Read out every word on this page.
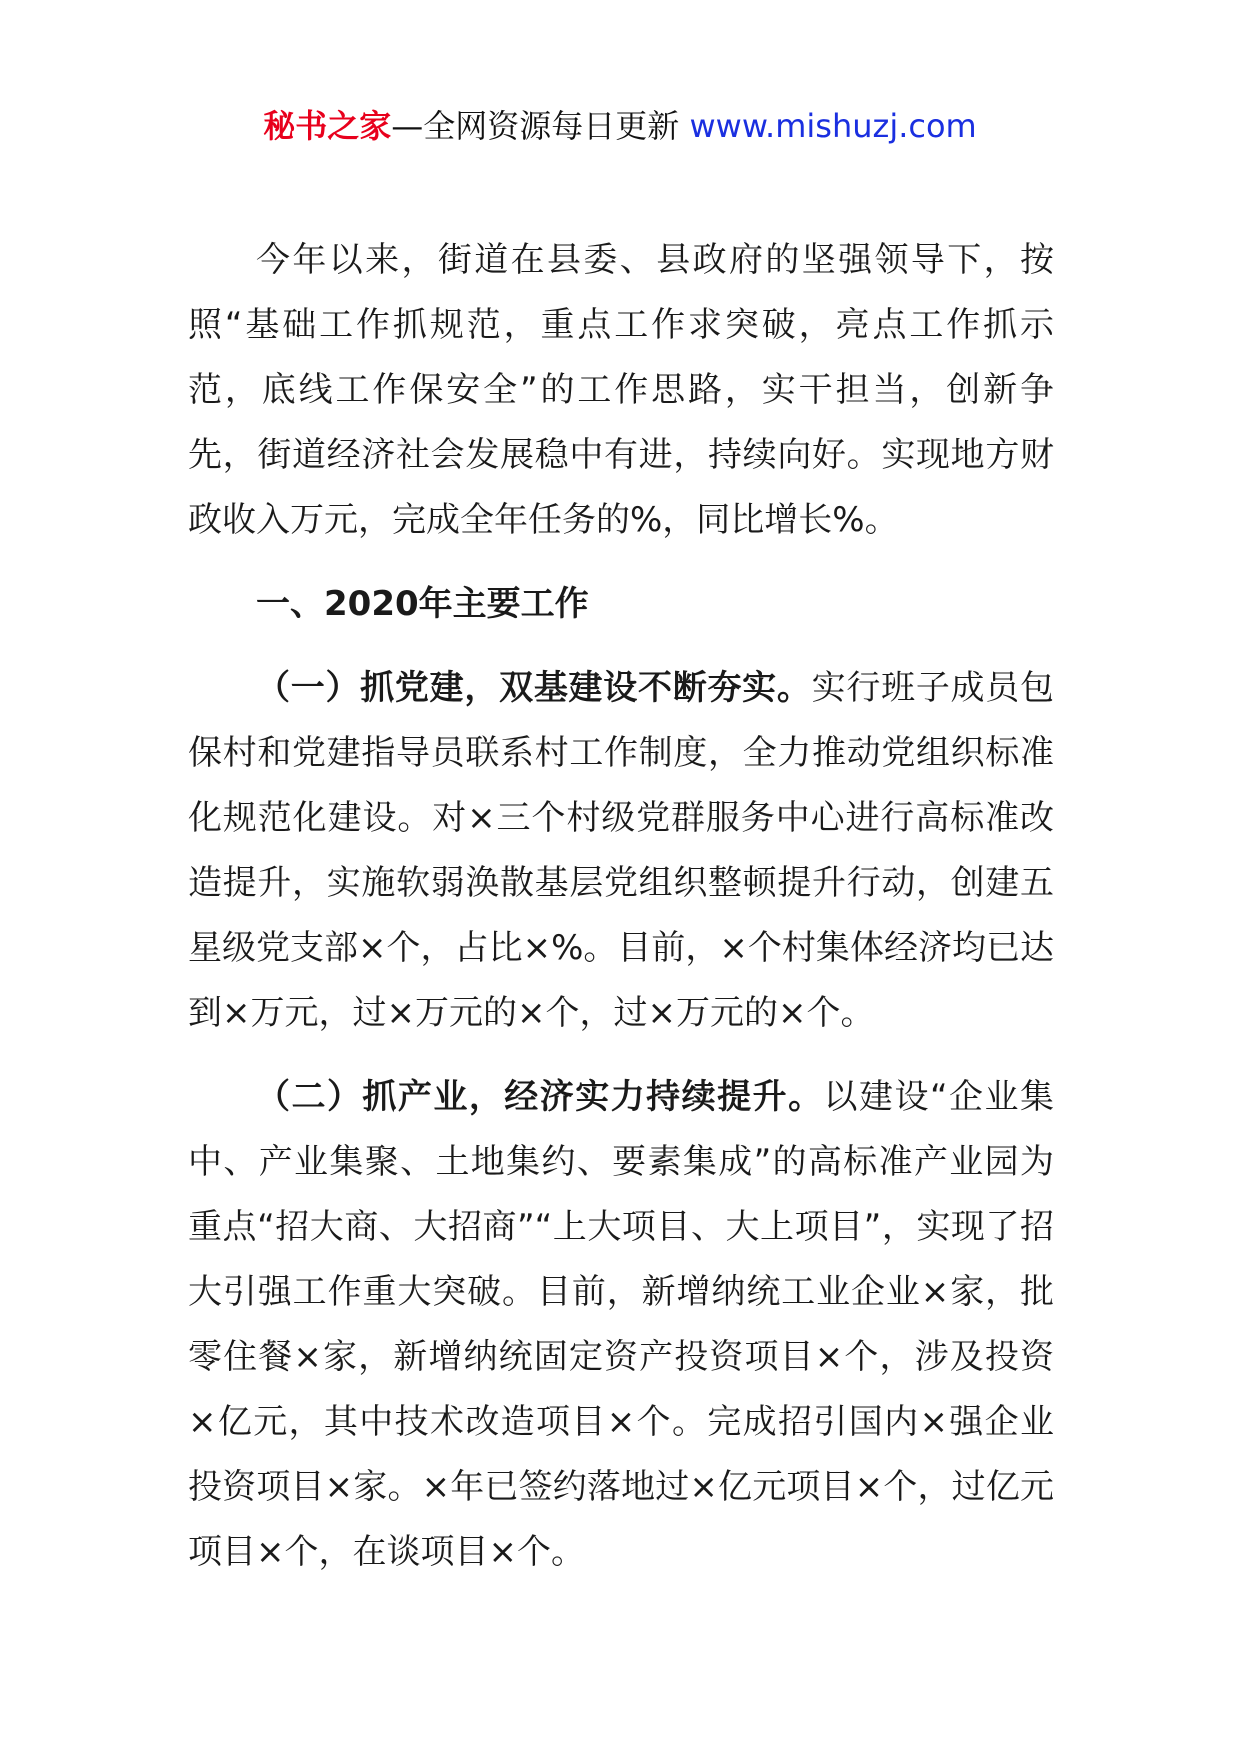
秘书之家—全网资源每日更新 www.mishuzj.com

今年以来，街道在县委、县政府的坚强领导下，按照“基础工作抓规范，重点工作求突破，亮点工作抓示范，底线工作保安全”的工作思路，实干担当，创新争先，街道经济社会发展稳中有进，持续向好。实现地方财政收入万元，完成全年任务的%，同比增长%。

一、2020年主要工作

（一）抓党建，双基建设不断夯实。实行班子成员包保村和党建指导员联系村工作制度，全力推动党组织标准化规范化建设。对×三个村级党群服务中心进行高标准改造提升，实施软弱涣散基层党组织整顿提升行动，创建五星级党支部×个，占比×%。目前，×个村集体经济均已达到×万元，过×万元的×个，过×万元的×个。

（二）抓产业，经济实力持续提升。以建设“企业集中、产业集聚、土地集约、要素集成”的高标准产业园为重点“招大商、大招商”“上大项目、大上项目”，实现了招大引强工作重大突破。目前，新增纳统工业企业×家，批零住餐×家，新增纳统固定资产投资项目×个，涉及投资×亿元，其中技术改造项目×个。完成招引国内×强企业投资项目×家。×年已签约落地过×亿元项目×个，过亿元项目×个，在谈项目×个。
